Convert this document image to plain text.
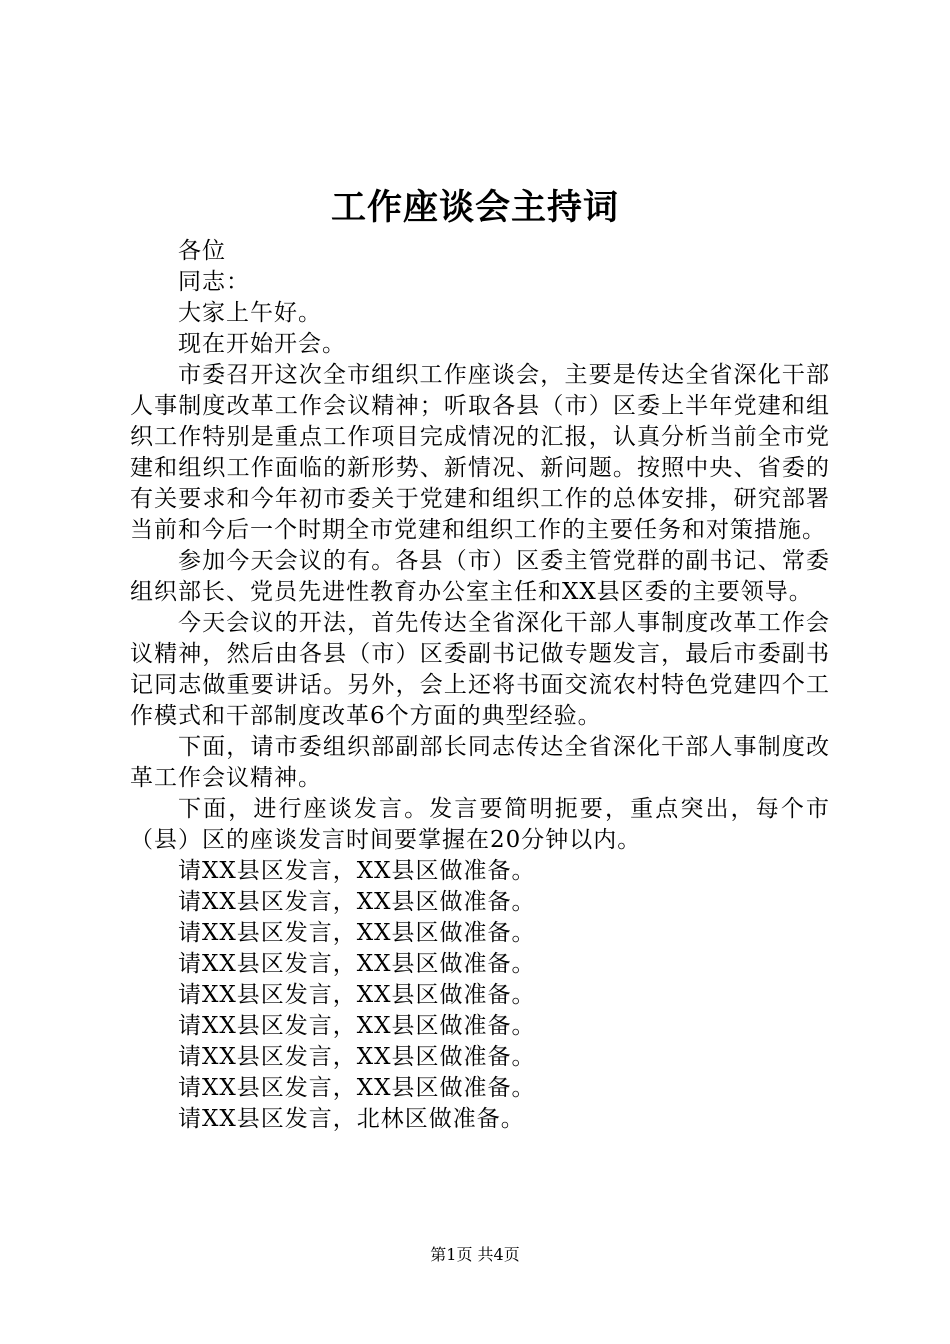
工作座谈会主持词

各位

同志：

大家上午好。

现在开始开会。

市委召开这次全市组织工作座谈会，主要是传达全省深化干部人事制度改革工作会议精神；听取各县（市）区委上半年党建和组织工作特别是重点工作项目完成情况的汇报，认真分析当前全市党建和组织工作面临的新形势、新情况、新问题。按照中央、省委的有关要求和今年初市委关于党建和组织工作的总体安排，研究部署当前和今后一个时期全市党建和组织工作的主要任务和对策措施。

参加今天会议的有。各县（市）区委主管党群的副书记、常委组织部长、党员先进性教育办公室主任和XX县区委的主要领导。

今天会议的开法，首先传达全省深化干部人事制度改革工作会议精神，然后由各县（市）区委副书记做专题发言，最后市委副书记同志做重要讲话。另外，会上还将书面交流农村特色党建四个工作模式和干部制度改革6个方面的典型经验。

下面，请市委组织部副部长同志传达全省深化干部人事制度改革工作会议精神。

下面，进行座谈发言。发言要简明扼要，重点突出，每个市（县）区的座谈发言时间要掌握在20分钟以内。

请XX县区发言，XX县区做准备。

请XX县区发言，XX县区做准备。

请XX县区发言，XX县区做准备。

请XX县区发言，XX县区做准备。

请XX县区发言，XX县区做准备。

请XX县区发言，XX县区做准备。

请XX县区发言，XX县区做准备。

请XX县区发言，XX县区做准备。

请XX县区发言，北林区做准备。

第1页 共4页
